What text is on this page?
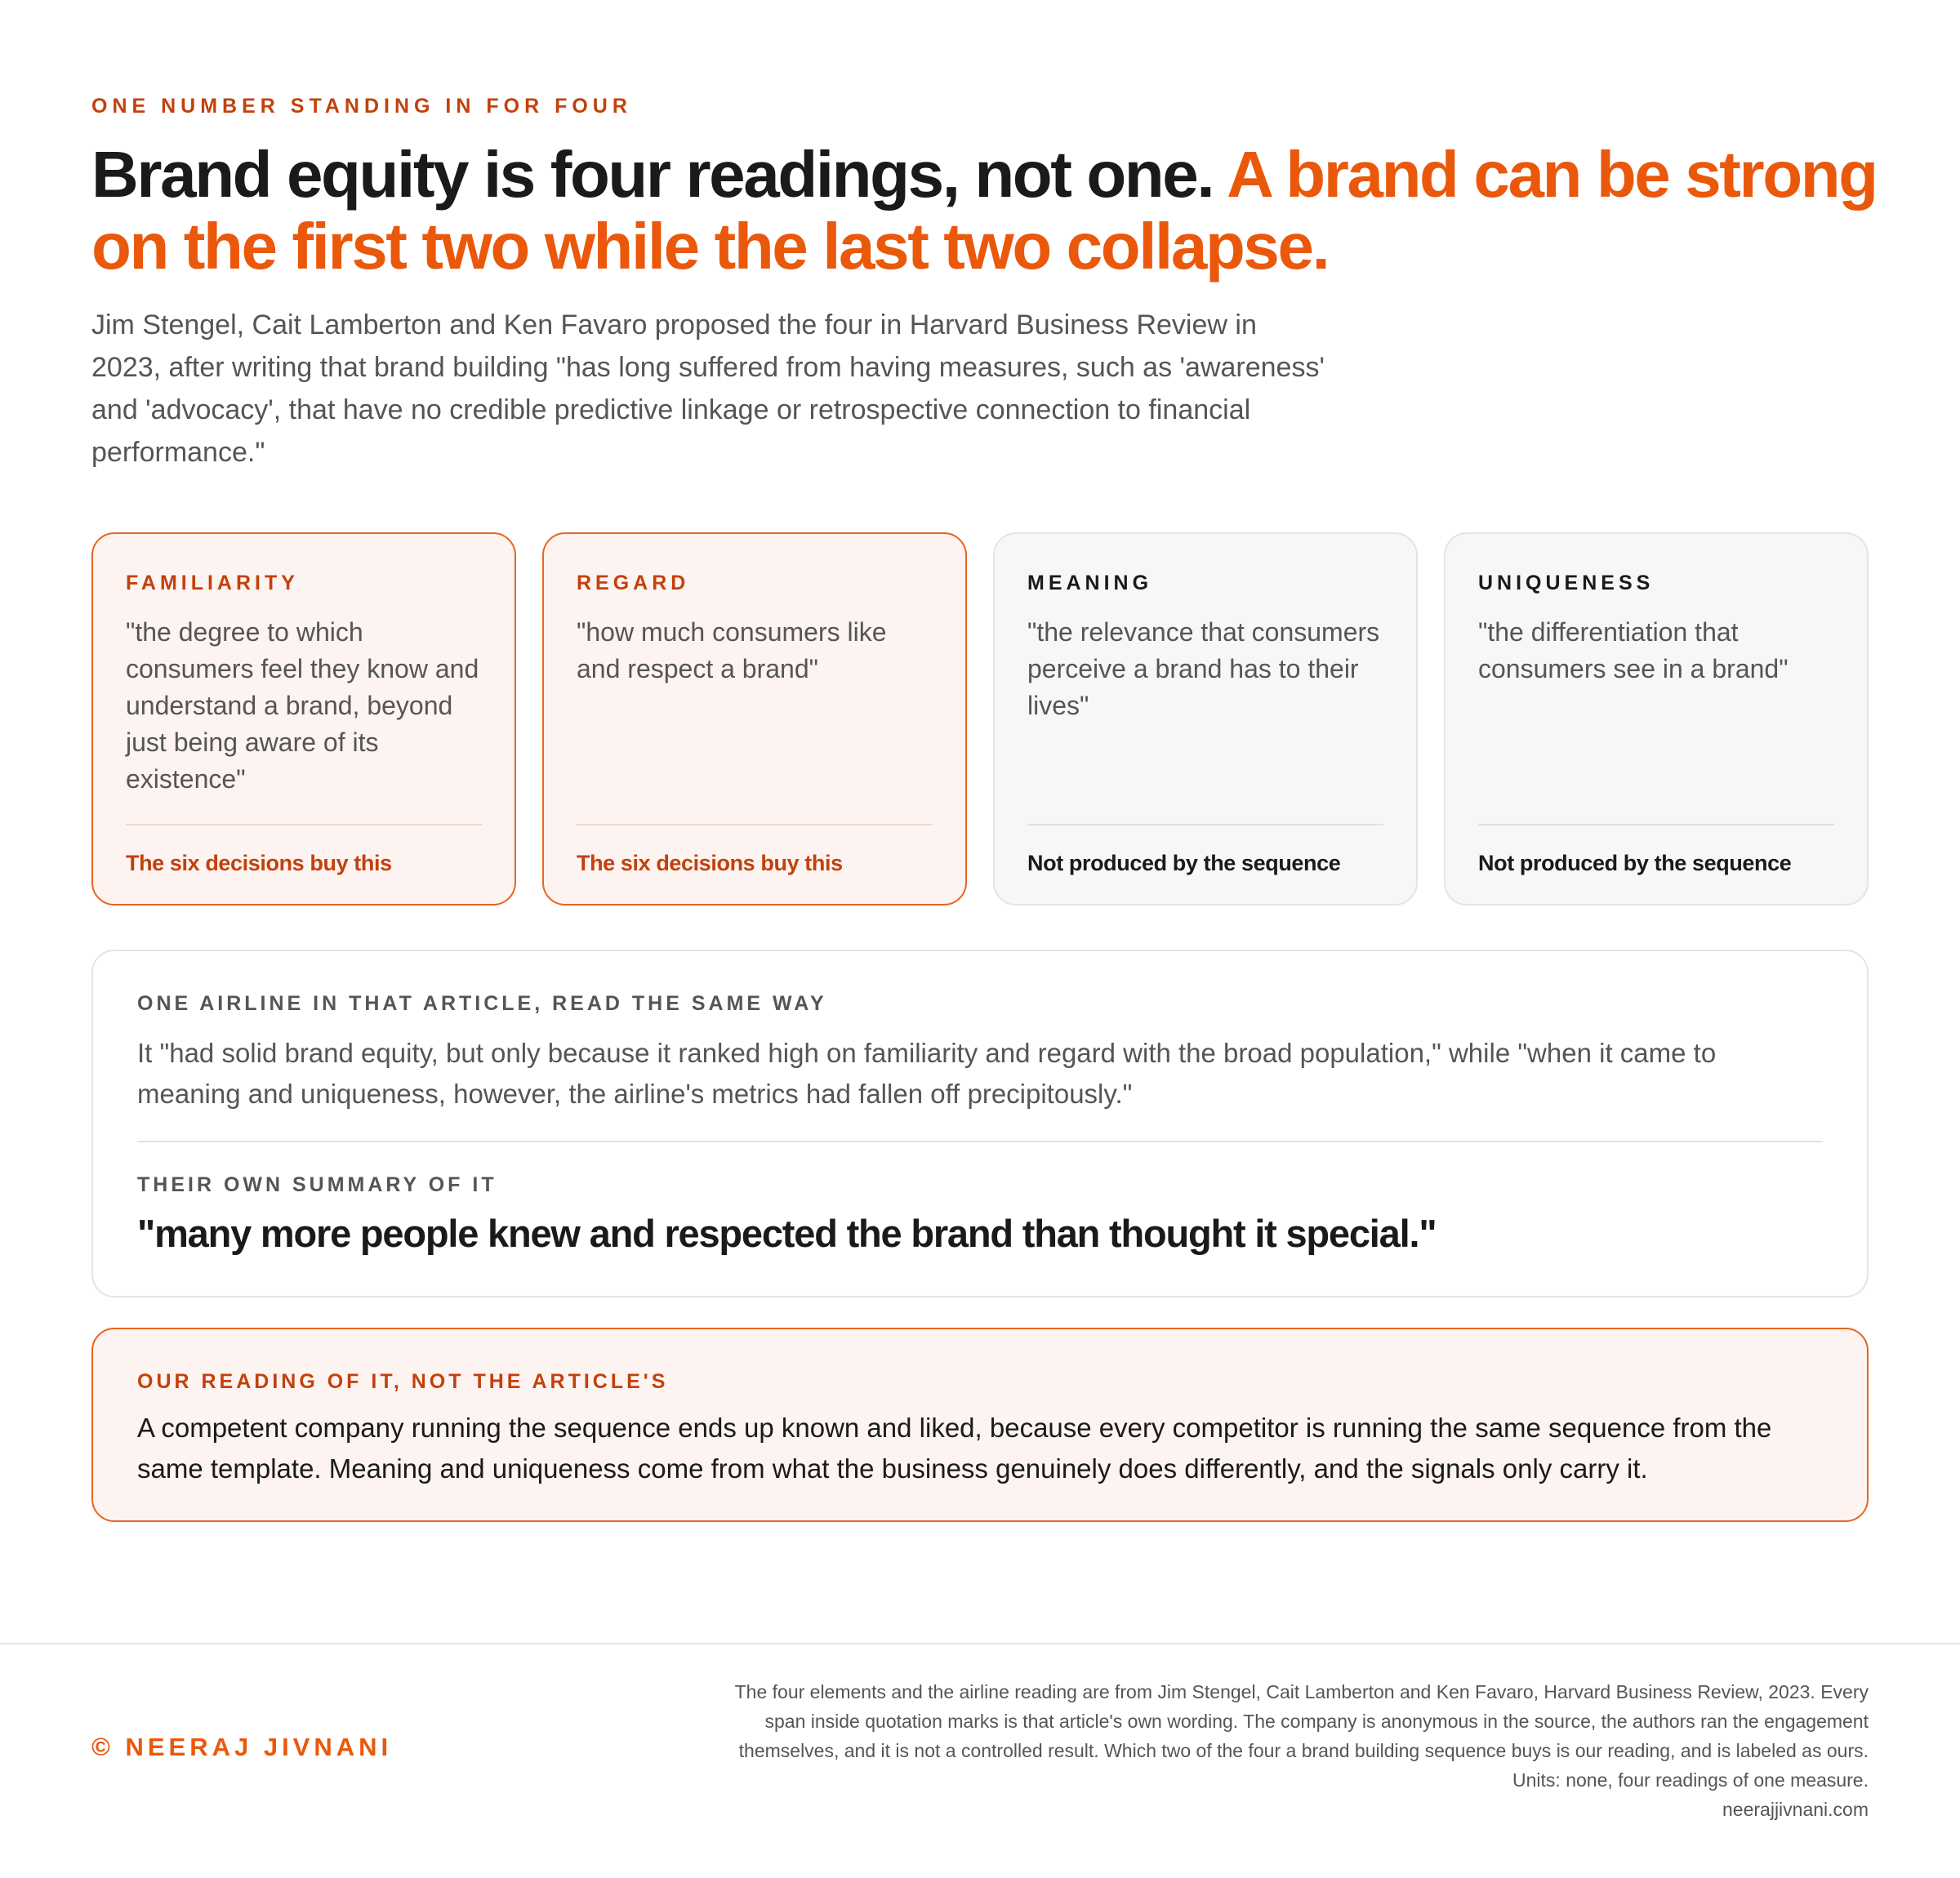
ONE NUMBER STANDING IN FOR FOUR
Brand equity is four readings, not one. A brand can be strong on the first two while the last two collapse.

Jim Stengel, Cait Lamberton and Ken Favaro proposed the four in Harvard Business Review in 2023, after writing that brand building "has long suffered from having measures, such as 'awareness' and 'advocacy', that have no credible predictive linkage or retrospective connection to financial performance."

FAMILIARITY
"the degree to which consumers feel they know and understand a brand, beyond just being aware of its existence"
The six decisions buy this
REGARD
"how much consumers like and respect a brand"
The six decisions buy this
MEANING
"the relevance that consumers perceive a brand has to their lives"
Not produced by the sequence
UNIQUENESS
"the differentiation that consumers see in a brand"
Not produced by the sequence
ONE AIRLINE IN THAT ARTICLE, READ THE SAME WAY

It "had solid brand equity, but only because it ranked high on familiarity and regard with the broad population," while "when it came to meaning and uniqueness, however, the airline's metrics had fallen off precipitously."

THEIR OWN SUMMARY OF IT
"many more people knew and respected the brand than thought it special."
OUR READING OF IT, NOT THE ARTICLE'S

A competent company running the sequence ends up known and liked, because every competitor is running the same sequence from the same template. Meaning and uniqueness come from what the business genuinely does differently, and the signals only carry it.

© NEERAJ JIVNANI

The four elements and the airline reading are from Jim Stengel, Cait Lamberton and Ken Favaro, Harvard Business Review, 2023. Every span inside quotation marks is that article's own wording. The company is anonymous in the source, the authors ran the engagement themselves, and it is not a controlled result. Which two of the four a brand building sequence buys is our reading, and is labeled as ours. Units: none, four readings of one measure.

neerajjivnani.com
